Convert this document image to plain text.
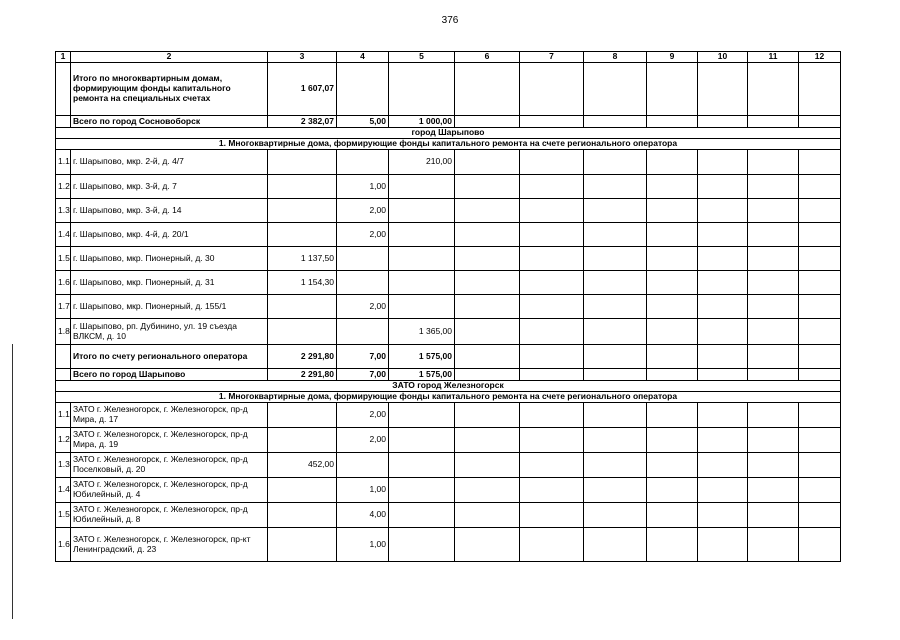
376
1	2	3	4	5	6	7	8	9	10	11	12
	Итого по многоквартирным домам, формирующим фонды капитального ремонта на специальных счетах	1 607,07									
	Всего по город Сосновоборск	2 382,07	5,00	1 000,00							
город Шарыпово											
1. Многоквартирные дома, формирующие фонды капитального ремонта на счете регионального оператора											
1.1	г. Шарыпово, мкр. 2-й, д. 4/7			210,00							
1.2	г. Шарыпово, мкр. 3-й, д. 7		1,00								
1.3	г. Шарыпово, мкр. 3-й, д. 14		2,00								
1.4	г. Шарыпово, мкр. 4-й, д. 20/1		2,00								
1.5	г. Шарыпово, мкр. Пионерный, д. 30	1 137,50									
1.6	г. Шарыпово, мкр. Пионерный, д. 31	1 154,30									
1.7	г. Шарыпово, мкр. Пионерный, д. 155/1		2,00								
1.8	г. Шарыпово, рп. Дубинино, ул. 19 съезда ВЛКСМ, д. 10			1 365,00							
	Итого по счету регионального оператора	2 291,80	7,00	1 575,00							
	Всего по город Шарыпово	2 291,80	7,00	1 575,00							
ЗАТО город Железногорск											
1. Многоквартирные дома, формирующие фонды капитального ремонта на счете регионального оператора											
1.1	ЗАТО г. Железногорск, г. Железногорск, пр-д Мира, д. 17		2,00								
1.2	ЗАТО г. Железногорск, г. Железногорск, пр-д Мира, д. 19		2,00								
1.3	ЗАТО г. Железногорск, г. Железногорск, пр-д Поселковый, д. 20	452,00									
1.4	ЗАТО г. Железногорск, г. Железногорск, пр-д Юбилейный, д. 4		1,00								
1.5	ЗАТО г. Железногорск, г. Железногорск, пр-д Юбилейный, д. 8		4,00								
1.6	ЗАТО г. Железногорск, г. Железногорск, пр-кт Ленинградский, д. 23		1,00								
